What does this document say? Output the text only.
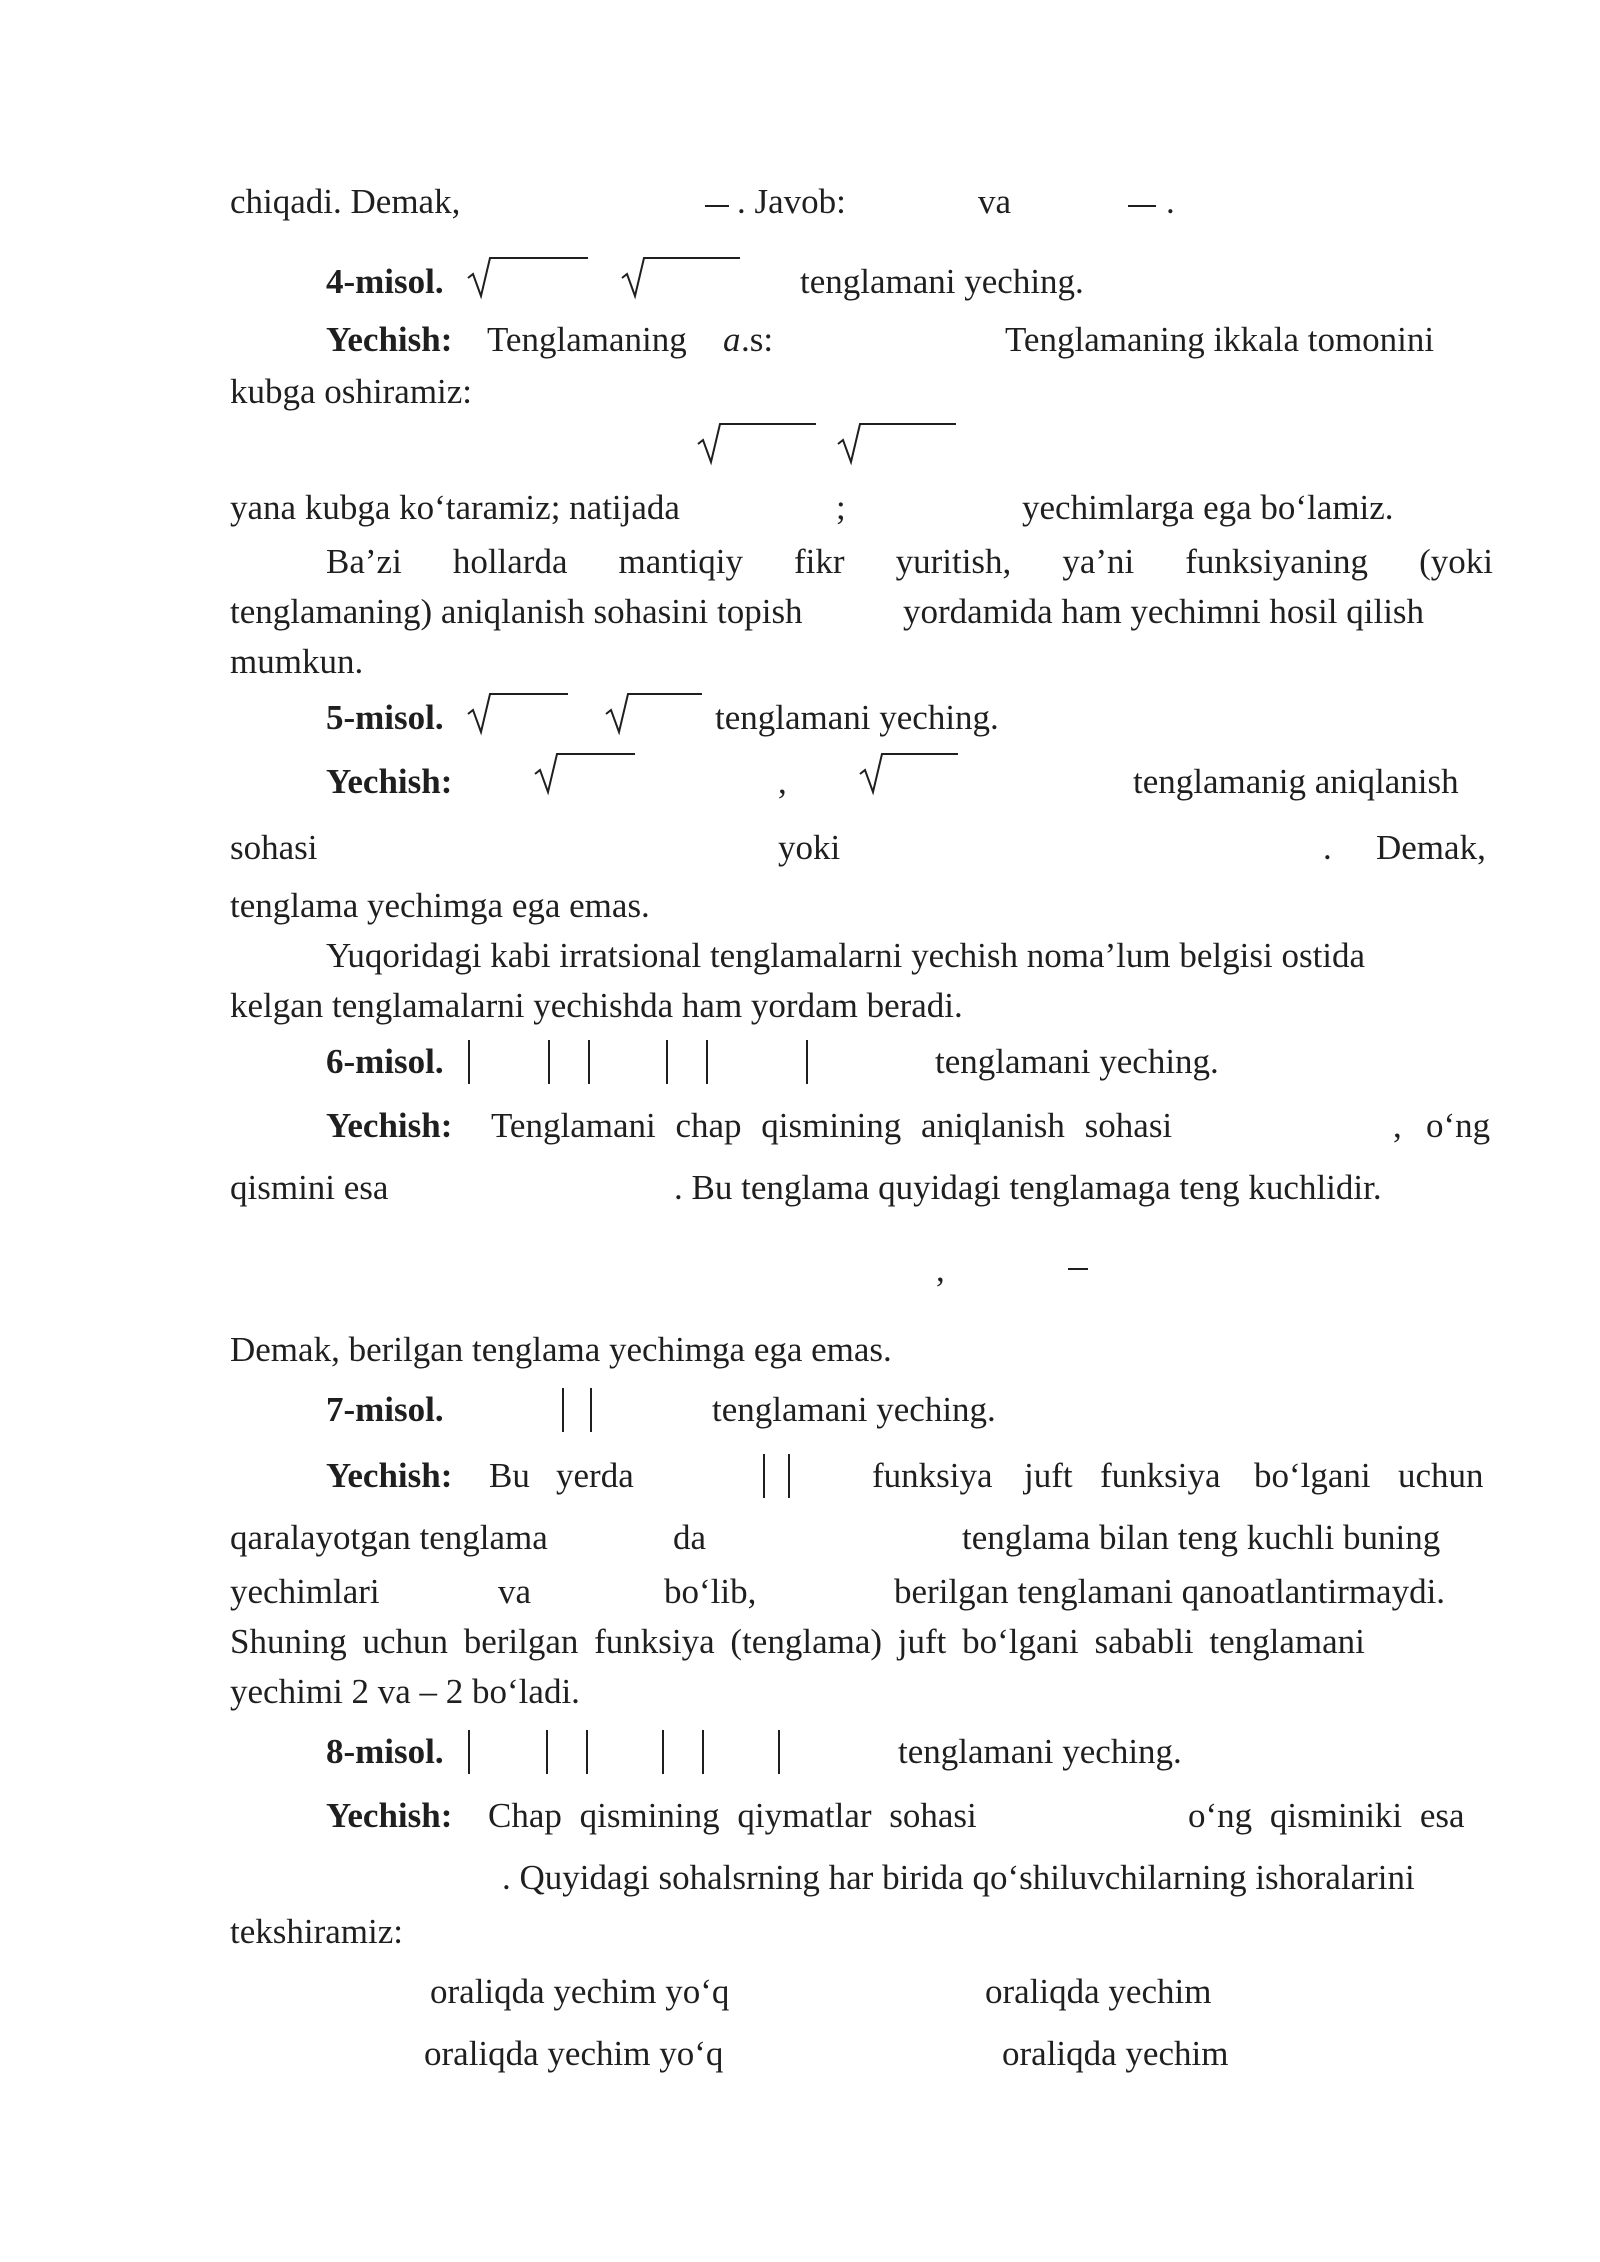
chiqadi. Demak,	. Javob:	va	.
4-misol.	tenglamani yeching.
Yechish: Tenglamaning a .s:	Tenglamaning ikkala tomonini
kubga oshiramiz:
yana kubga ko‘taramiz; natijada	;	yechimlarga ega bo‘lamiz.
Ba’zi hollarda mantiqiy fikr yuritish, ya’ni funksiyaning (yoki
tenglamaning) aniqlanish sohasini topish	yordamida ham yechimni hosil qilish
mumkun.
5-misol.	tenglamani yeching.
Yechish:	,	tenglamanig aniqlanish
sohasi	yoki	. Demak,
tenglama yechimga ega emas.
Yuqoridagi kabi irratsional tenglamalarni yechish noma’lum belgisi ostida
kelgan tenglamalarni yechishda ham yordam beradi.
6-misol.	tenglamani yeching.
Yechish: Tenglamani chap qismining aniqlanish sohasi	, o‘ng
qismini esa	. Bu tenglama quyidagi tenglamaga teng kuchlidir.
,
Demak, berilgan tenglama yechimga ega emas.
7-misol.	tenglamani yeching.
Yechish: Bu yerda	funksiya juft funksiya bo‘lgani uchun
qaralayotgan tenglama	da	tenglama bilan teng kuchli buning
yechimlari	va	bo‘lib,	berilgan tenglamani qanoatlantirmaydi.
Shuning uchun berilgan funksiya (tenglama) juft bo‘lgani sababli tenglamani
yechimi 2 va – 2 bo‘ladi.
8-misol.	tenglamani yeching.
Yechish: Chap qismining qiymatlar sohasi	o‘ng qisminiki esa
. Quyidagi sohalsrning har birida qo‘shiluvchilarning ishoralarini
tekshiramiz:
oraliqda yechim yo‘q	oraliqda yechim
oraliqda yechim yo‘q	oraliqda yechim
